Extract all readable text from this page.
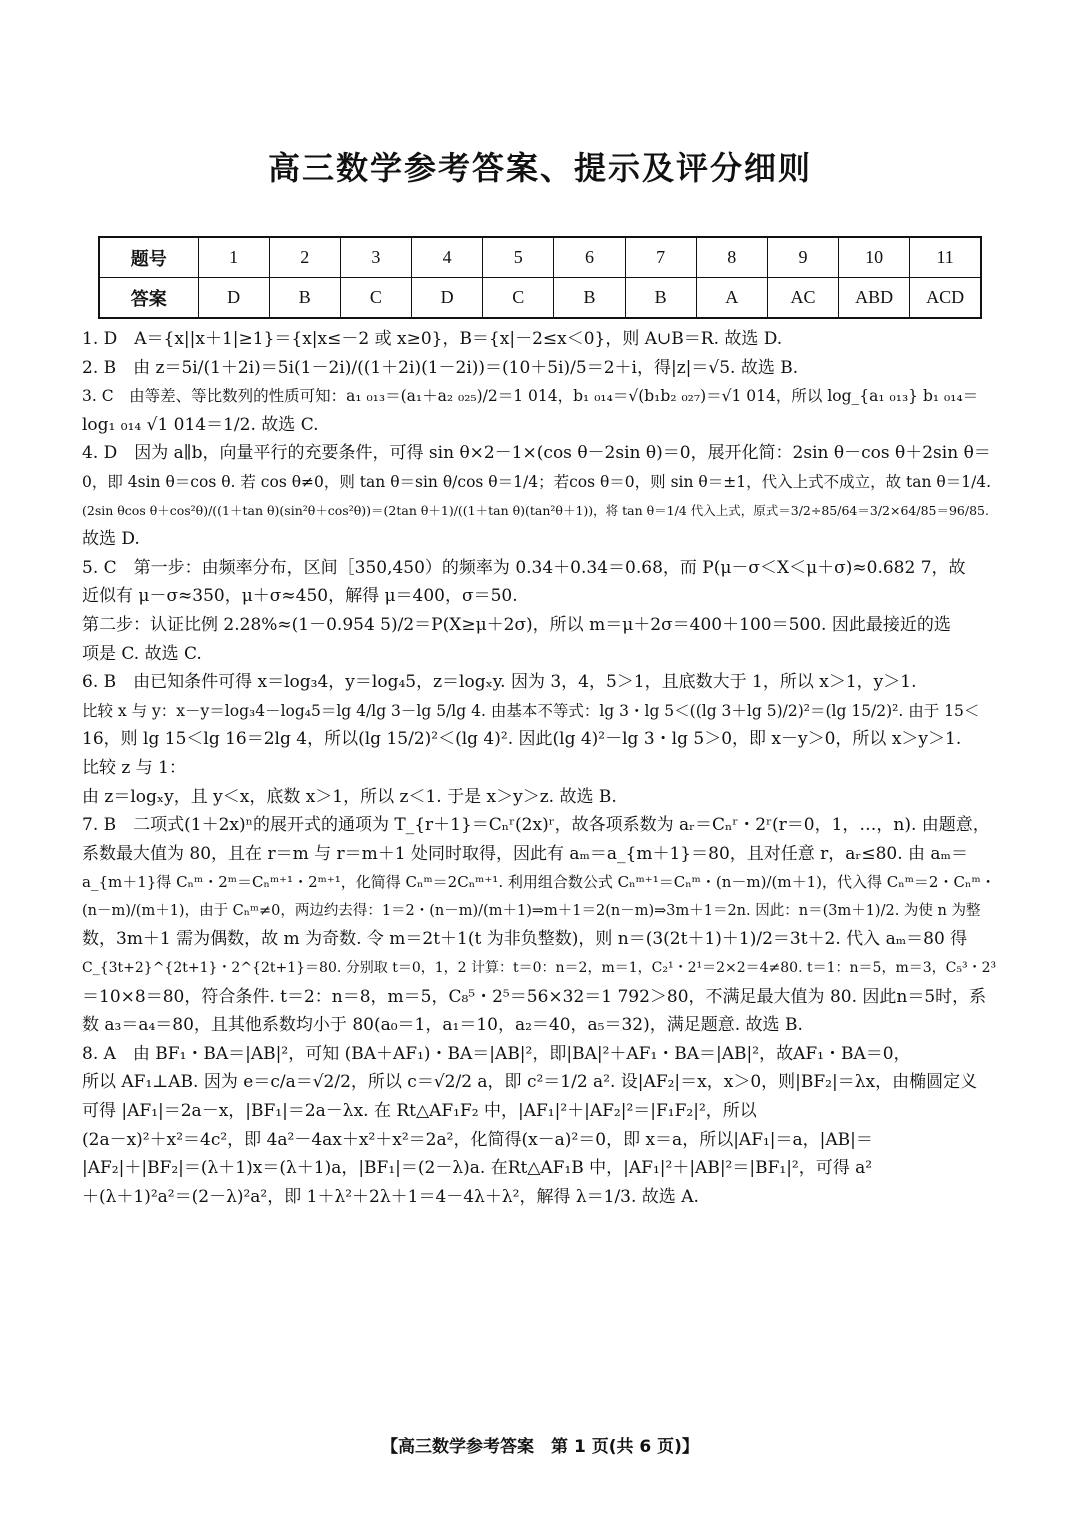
高三数学参考答案、提示及评分细则
题号	1	2	3	4	5	6	7	8	9	10	11
答案	D	B	C	D	C	B	B	A	AC	ABD	ACD
1. D　A＝{x||x＋1|≥1}＝{x|x≤－2 或 x≥0}，B＝{x|－2≤x＜0}，则 A∪B＝R. 故选 D.
2. B　由 z＝5i/(1＋2i)＝5i(1－2i)/((1＋2i)(1－2i))＝(10＋5i)/5＝2＋i，得|z|＝√5. 故选 B.
3. C　由等差、等比数列的性质可知：a₁ ₀₁₃＝(a₁＋a₂ ₀₂₅)/2＝1 014，b₁ ₀₁₄＝√(b₁b₂ ₀₂₇)＝√1 014，所以 log_{a₁ ₀₁₃} b₁ ₀₁₄＝
log₁ ₀₁₄ √1 014＝1/2. 故选 C.
4. D　因为 a∥b，向量平行的充要条件，可得 sin θ×2－1×(cos θ－2sin θ)＝0，展开化简：2sin θ－cos θ＋2sin θ＝
0，即 4sin θ＝cos θ. 若 cos θ≠0，则 tan θ＝sin θ/cos θ＝1/4；若cos θ＝0，则 sin θ＝±1，代入上式不成立，故 tan θ＝1/4.
(2sin θcos θ＋cos²θ)/((1＋tan θ)(sin²θ＋cos²θ))＝(2tan θ＋1)/((1＋tan θ)(tan²θ＋1))，将 tan θ＝1/4 代入上式，原式＝3/2÷85/64＝3/2×64/85＝96/85.
故选 D.
5. C　第一步：由频率分布，区间［350,450）的频率为 0.34＋0.34＝0.68，而 P(μ－σ＜X＜μ＋σ)≈0.682 7，故
近似有 μ－σ≈350，μ＋σ≈450，解得 μ＝400，σ＝50.
第二步：认证比例 2.28%≈(1－0.954 5)/2＝P(X≥μ＋2σ)，所以 m＝μ＋2σ＝400＋100＝500. 因此最接近的选
项是 C. 故选 C.
6. B　由已知条件可得 x＝log₃4，y＝log₄5，z＝logₓy. 因为 3，4，5＞1，且底数大于 1，所以 x＞1，y＞1.
比较 x 与 y：x－y＝log₃4－log₄5＝lg 4/lg 3－lg 5/lg 4. 由基本不等式：lg 3・lg 5＜((lg 3＋lg 5)/2)²＝(lg 15/2)². 由于 15＜
16，则 lg 15＜lg 16＝2lg 4，所以(lg 15/2)²＜(lg 4)². 因此(lg 4)²－lg 3・lg 5＞0，即 x－y＞0，所以 x＞y＞1.
比较 z 与 1：
由 z＝logₓy，且 y＜x，底数 x＞1，所以 z＜1. 于是 x＞y＞z. 故选 B.
7. B　二项式(1＋2x)ⁿ的展开式的通项为 T_{r＋1}＝Cₙʳ(2x)ʳ，故各项系数为 aᵣ＝Cₙʳ・2ʳ(r＝0，1，…，n). 由题意，
系数最大值为 80，且在 r＝m 与 r＝m＋1 处同时取得，因此有 aₘ＝a_{m＋1}＝80，且对任意 r，aᵣ≤80. 由 aₘ＝
a_{m＋1}得 Cₙᵐ・2ᵐ＝Cₙᵐ⁺¹・2ᵐ⁺¹，化简得 Cₙᵐ＝2Cₙᵐ⁺¹. 利用组合数公式 Cₙᵐ⁺¹＝Cₙᵐ・(n－m)/(m＋1)，代入得 Cₙᵐ＝2・Cₙᵐ・
(n－m)/(m＋1)，由于 Cₙᵐ≠0，两边约去得：1＝2・(n－m)/(m＋1)⇒m＋1＝2(n－m)⇒3m＋1＝2n. 因此：n＝(3m＋1)/2. 为使 n 为整
数，3m＋1 需为偶数，故 m 为奇数. 令 m＝2t＋1(t 为非负整数)，则 n＝(3(2t＋1)＋1)/2＝3t＋2. 代入 aₘ＝80 得
C_{3t+2}^{2t+1}・2^{2t+1}＝80. 分别取 t＝0，1，2 计算：t＝0：n＝2，m＝1，C₂¹・2¹＝2×2＝4≠80. t＝1：n＝5，m＝3，C₅³・2³
＝10×8＝80，符合条件. t＝2：n＝8，m＝5，C₈⁵・2⁵＝56×32＝1 792＞80，不满足最大值为 80. 因此n＝5时，系
数 a₃＝a₄＝80，且其他系数均小于 80(a₀＝1，a₁＝10，a₂＝40，a₅＝32)，满足题意. 故选 B.
8. A　由 BF₁・BA＝|AB|²，可知 (BA＋AF₁)・BA＝|AB|²，即|BA|²＋AF₁・BA＝|AB|²，故AF₁・BA＝0，
所以 AF₁⊥AB. 因为 e＝c/a＝√2/2，所以 c＝√2/2 a，即 c²＝1/2 a². 设|AF₂|＝x，x＞0，则|BF₂|＝λx，由椭圆定义
可得 |AF₁|＝2a－x，|BF₁|＝2a－λx. 在 Rt△AF₁F₂ 中，|AF₁|²＋|AF₂|²＝|F₁F₂|²，所以
(2a－x)²＋x²＝4c²，即 4a²－4ax＋x²＋x²＝2a²，化简得(x－a)²＝0，即 x＝a，所以|AF₁|＝a，|AB|＝
|AF₂|＋|BF₂|＝(λ＋1)x＝(λ＋1)a，|BF₁|＝(2－λ)a. 在Rt△AF₁B 中，|AF₁|²＋|AB|²＝|BF₁|²，可得 a²
＋(λ＋1)²a²＝(2－λ)²a²，即 1＋λ²＋2λ＋1＝4－4λ＋λ²，解得 λ＝1/3. 故选 A.
【高三数学参考答案　第 1 页(共 6 页)】
